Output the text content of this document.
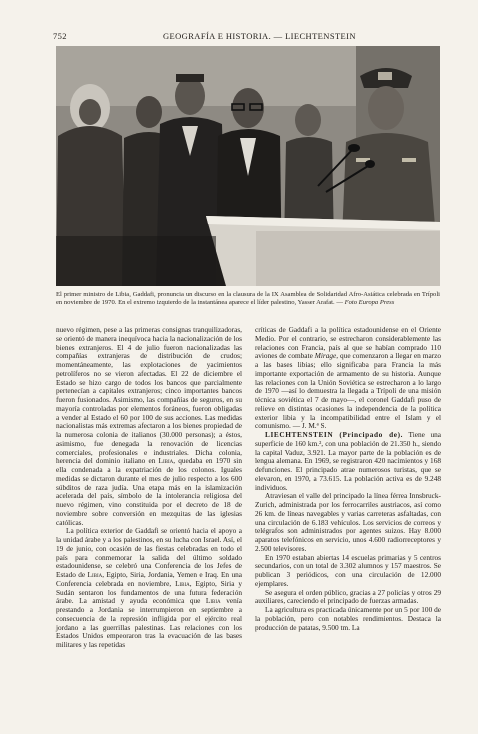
752	GEOGRAFÍA E HISTORIA. — LIECHTENSTEIN
El primer ministro de Libia, Gaddafi, pronuncia un discurso en la clausura de la IX Asamblea de Solidaridad Afro-Asiática celebrada en Trípoli en noviembre de 1970. En el extremo izquierdo de la instantánea aparece el líder palestino, Yasser Arafat. — Foto Europa Press

nuevo régimen, pese a las primeras consignas tranquilizadoras, se orientó de manera inequívoca hacia la nacionalización de los bienes extranjeros. El 4 de julio fueron nacionalizadas las compañías extranjeras de distribución de crudos; momentáneamente, las explotaciones de yacimientos petrolíferos no se vieron afectadas. El 22 de diciembre el Estado se hizo cargo de todos los bancos que parcialmente pertenecían a capitales extranjeros; cinco importantes bancos fueron fusionados. Asimismo, las compañías de seguros, en su mayoría controladas por elementos foráneos, fueron obligadas a vender al Estado el 60 por 100 de sus acciones. Las medidas nacionalistas más extremas afectaron a los bienes propiedad de la numerosa colonia de italianos (30.000 personas); a éstos, asimismo, fue denegada la renovación de licencias comerciales, profesionales e industriales. Dicha colonia, herencia del dominio italiano en Libia, quedaba en 1970 sin ella condenada a la expatriación de los colonos. Iguales medidas se dictaron durante el mes de julio respecto a los 600 súbditos de raza judía. Una etapa más en la islamización acelerada del país, símbolo de la intolerancia religiosa del nuevo régimen, vino constituida por el decreto de 18 de noviembre sobre conversión en mezquitas de las iglesias católicas.

La política exterior de Gaddafi se orientó hacia el apoyo a la unidad árabe y a los palestinos, en su lucha con Israel. Así, el 19 de junio, con ocasión de las fiestas celebradas en todo el país para conmemorar la salida del último soldado estadounidense, se celebró una Conferencia de los Jefes de Estado de Libia, Egipto, Siria, Jordania, Yemen e Iraq. En una Conferencia celebrada en noviembre, Libia, Egipto, Siria y Sudán sentaron los fundamentos de una futura federación árabe. La amistad y ayuda económica que Libia venía prestando a Jordania se interrumpieron en septiembre a consecuencia de la represión infligida por el ejército real jordano a las guerrillas palestinas. Las relaciones con los Estados Unidos empeoraron tras la evacuación de las bases militares y las repetidas

críticas de Gaddafi a la política estadounidense en el Oriente Medio. Por el contrario, se estrecharon considerablemente las relaciones con Francia, país al que se habían comprado 110 aviones de combate Mirage, que comenzaron a llegar en marzo a las bases libias; ello significaba para Francia la más importante exportación de armamento de su historia. Aunque las relaciones con la Unión Soviética se estrecharon a lo largo de 1970 —así lo demuestra la llegada a Trípoli de una misión técnica soviética el 7 de mayo—, el coronel Gaddafi puso de relieve en distintas ocasiones la independencia de la política exterior libia y la incompatibilidad entre el Islam y el comunismo. — J. M.ª S.

LIECHTENSTEIN (Principado de). Tiene una superficie de 160 km.², con una población de 21.350 h., siendo la capital Vaduz, 3.921. La mayor parte de la población es de lengua alemana. En 1969, se registraron 420 nacimientos y 168 defunciones. El principado atrae numerosos turistas, que se elevaron, en 1970, a 73.615. La población activa es de 9.248 individuos.

Atraviesan el valle del principado la línea férrea Innsbruck-Zurich, administrada por los ferrocarriles austriacos, así como 26 km. de líneas navegables y varias carreteras asfaltadas, con una circulación de 6.183 vehículos. Los servicios de correos y telégrafos son administrados por agentes suizos. Hay 8.000 aparatos telefónicos en servicio, unos 4.600 radiorreceptores y 2.500 televisores.

En 1970 estaban abiertas 14 escuelas primarias y 5 centros secundarios, con un total de 3.302 alumnos y 157 maestros. Se publican 3 periódicos, con una circulación de 12.000 ejemplares.

Se asegura el orden público, gracias a 27 policías y otros 29 auxiliares, careciendo el principado de fuerzas armadas.

La agricultura es practicada únicamente por un 5 por 100 de la población, pero con notables rendimientos. Destaca la producción de patatas, 9.500 tm. La
